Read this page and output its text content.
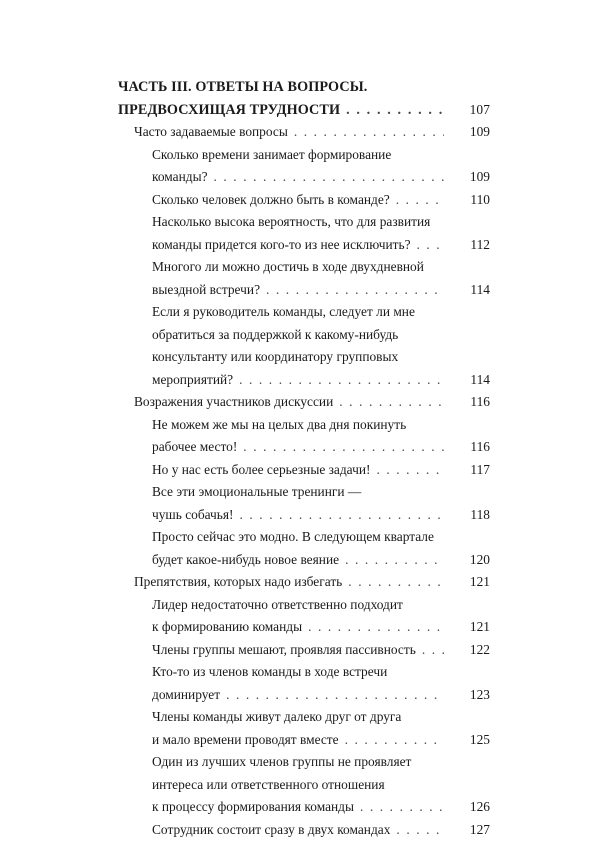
ЧАСТЬ III. ОТВЕТЫ НА ВОПРОСЫ.
ПРЕДВОСХИЩАЯ ТРУДНОСТИ . . .	107
Часто задаваемые вопросы . . .	109
Сколько времени занимает формирование
команды? . . .	109
Сколько человек должно быть в команде? . . .	110
Насколько высока вероятность, что для развития
команды придется кого-то из нее исключить? . . .	112
Многого ли можно достичь в ходе двухдневной
выездной встречи? . . .	114
Если я руководитель команды, следует ли мне
обратиться за поддержкой к какому-нибудь
консультанту или координатору групповых
мероприятий? . . .	114
Возражения участников дискуссии . . .	116
Не можем же мы на целых два дня покинуть
рабочее место! . . .	116
Но у нас есть более серьезные задачи! . . .	117
Все эти эмоциональные тренинги —
чушь собачья! . . .	118
Просто сейчас это модно. В следующем квартале
будет какое-нибудь новое веяние . . .	120
Препятствия, которых надо избегать . . .	121
Лидер недостаточно ответственно подходит
к формированию команды . . .	121
Члены группы мешают, проявляя пассивность . . .	122
Кто-то из членов команды в ходе встречи
доминирует . . .	123
Члены команды живут далеко друг от друга
и мало времени проводят вместе . . .	125
Один из лучших членов группы не проявляет
интереса или ответственного отношения
к процессу формирования команды . . .	126
Сотрудник состоит сразу в двух командах . . .	127
